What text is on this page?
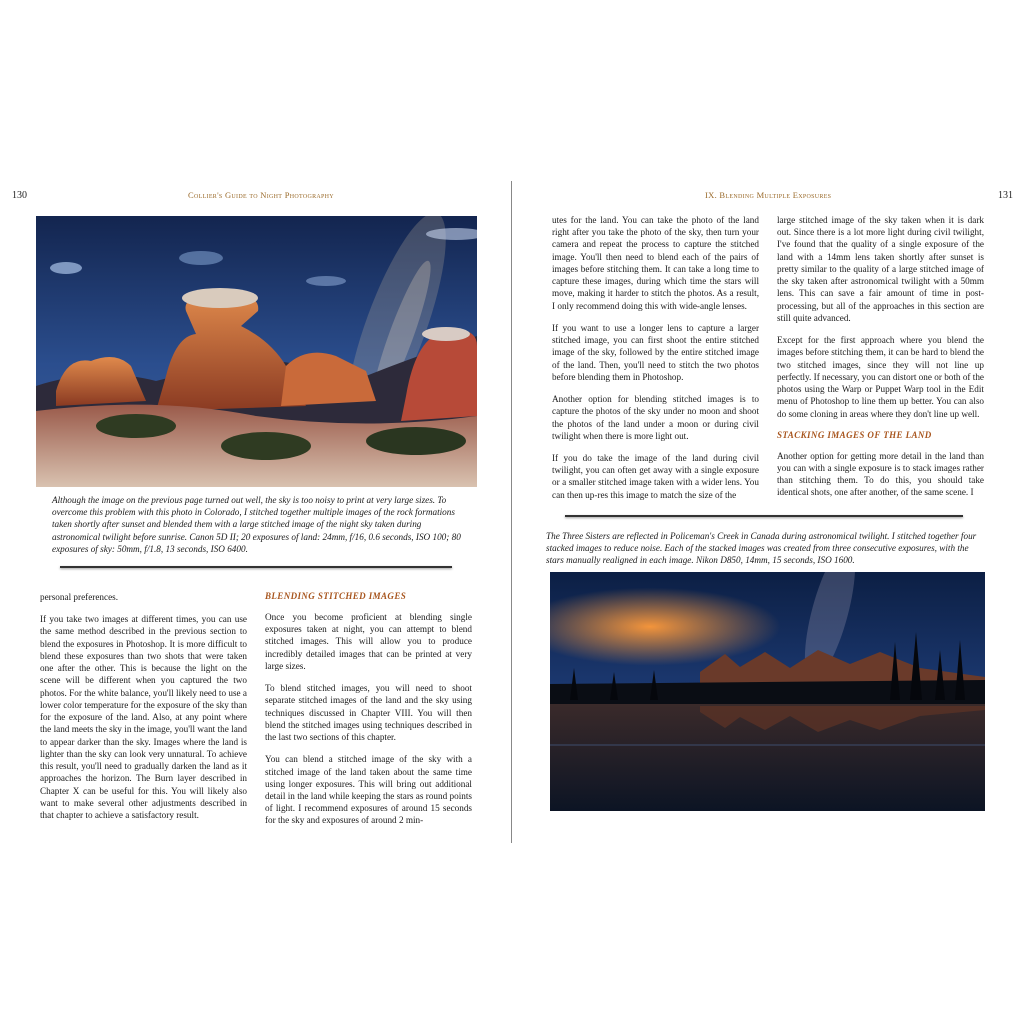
130	Collier's Guide to Night Photography
Although the image on the previous page turned out well, the sky is too noisy to print at very large sizes. To overcome this problem with this photo in Colorado, I stitched together multiple images of the rock formations taken shortly after sunset and blended them with a large stitched image of the night sky taken during astronomical twilight before sunrise. Canon 5D II; 20 exposures of land: 24mm, f/16, 0.6 seconds, ISO 100; 80 exposures of sky: 50mm, f/1.8, 13 seconds, ISO 6400.

personal preferences.

If you take two images at different times, you can use the same method described in the previous section to blend the exposures in Photoshop. It is more difficult to blend these exposures than two shots that were taken one after the other. This is because the light on the scene will be different when you captured the two photos. For the white balance, you'll likely need to use a lower color temperature for the exposure of the sky than for the exposure of the land. Also, at any point where the land meets the sky in the image, you'll want the land to appear darker than the sky. Images where the land is lighter than the sky can look very unnatural. To achieve this result, you'll need to gradually darken the land as it approaches the horizon. The Burn layer described in Chapter X can be useful for this. You will likely also want to make several other adjustments described in that chapter to achieve a satisfactory result.

BLENDING STITCHED IMAGES

Once you become proficient at blending single exposures taken at night, you can attempt to blend stitched images. This will allow you to produce incredibly detailed images that can be printed at very large sizes.

To blend stitched images, you will need to shoot separate stitched images of the land and the sky using techniques discussed in Chapter VIII. You will then blend the stitched images using techniques described in the last two sections of this chapter.

You can blend a stitched image of the sky with a stitched image of the land taken about the same time using longer exposures. This will bring out additional detail in the land while keeping the stars as round points of light. I recommend exposures of around 15 seconds for the sky and exposures of around 2 min-

IX. Blending Multiple Exposures	131

utes for the land. You can take the photo of the land right after you take the photo of the sky, then turn your camera and repeat the process to capture the stitched image. You'll then need to blend each of the pairs of images before stitching them. It can take a long time to capture these images, during which time the stars will move, making it harder to stitch the photos. As a result, I only recommend doing this with wide-angle lenses.

If you want to use a longer lens to capture a larger stitched image, you can first shoot the entire stitched image of the sky, followed by the entire stitched image of the land. Then, you'll need to stitch the two photos before blending them in Photoshop.

Another option for blending stitched images is to capture the photos of the sky under no moon and shoot the photos of the land under a moon or during civil twilight when there is more light out.

If you do take the image of the land during civil twilight, you can often get away with a single exposure or a smaller stitched image taken with a wider lens. You can then up-res this image to match the size of the

large stitched image of the sky taken when it is dark out. Since there is a lot more light during civil twilight, I've found that the quality of a single exposure of the land with a 14mm lens taken shortly after sunset is pretty similar to the quality of a large stitched image of the sky taken after astronomical twilight with a 50mm lens. This can save a fair amount of time in post-processing, but all of the approaches in this section are still quite advanced.

Except for the first approach where you blend the images before stitching them, it can be hard to blend the two stitched images, since they will not line up perfectly. If necessary, you can distort one or both of the photos using the Warp or Puppet Warp tool in the Edit menu of Photoshop to line them up better. You can also do some cloning in areas where they don't line up well.

STACKING IMAGES OF THE LAND

Another option for getting more detail in the land than you can with a single exposure is to stack images rather than stitching them. To do this, you should take identical shots, one after another, of the same scene. I

The Three Sisters are reflected in Policeman's Creek in Canada during astronomical twilight. I stitched together four stacked images to reduce noise. Each of the stacked images was created from three consecutive exposures, with the stars manually realigned in each image. Nikon D850, 14mm, 15 seconds, ISO 1600.
